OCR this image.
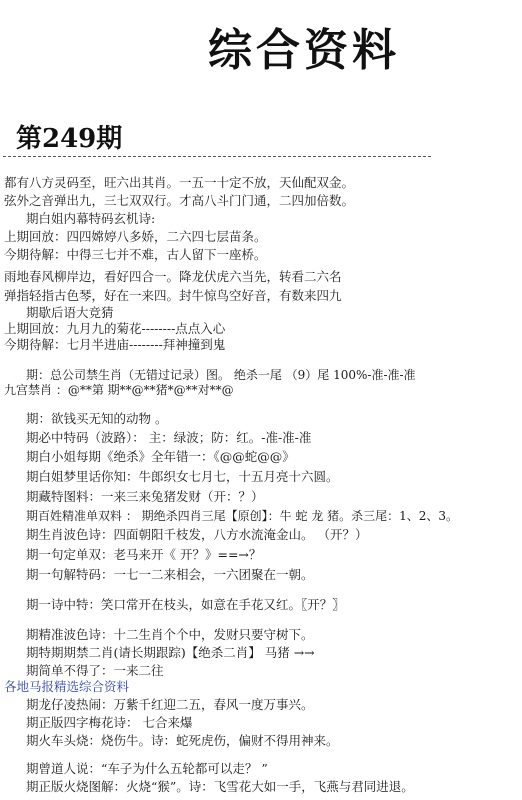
综合资料
第249期
都有八方灵码至，旺六出其肖。一五一十定不放，天仙配双金。
弦外之音弹出九，三七双双行。才高八斗门门通，二四加倍数。
期白姐内幕特码玄机诗:
上期回放：四四嫦婷八多娇，二六四七层苗条。
今期待解：中得三七并不难，古人留下一座桥。
雨地春风柳岸边，看好四合一。降龙伏虎六当先，转看二六名
弹指轻指古色琴，好在一来四。封牛惊鸟空好音，有数来四九
期歇后语大竞猜
上期回放：九月九的菊花--------点点入心
今期待解：七月半进庙--------拜神撞到鬼
期：总公司禁生肖（无错过记录）图。 绝杀一尾 （9）尾 100%-准-准-准
九宫禁肖 ：@**第 期**@**猪*@**对**@
期：欲钱买无知的动物 。
期必中特码（波路）： 主：绿波；防：红。-准-准-准
期白小姐每期《绝杀》全年错一：《@@蛇@@》
期白姐梦里话你知：牛郎织女七月七，十五月亮十六圆。
期藏特图料：一来三来兔猪发财（开：？）
期百姓精准单双料 ： 期绝杀四肖三尾【原创】：牛 蛇 龙 猪。杀三尾：1、2、3。
期生肖波色诗：四面朝阳千枝发，八方水流淹金山。 （开？）
期一句定单双：老马来开《 开？》==→？
期一句解特码：一七一二来相会，一六团聚在一朝。
期一诗中特：笑口常开在枝头，如意在手花又红。〖开？〗
期精准波色诗：十二生肖个个中，发财只要守树下。
期特期期禁二肖(请长期跟踪)【绝杀二肖】 马猪 →→
期简单不得了：一来二往
各地马报精选综合资料
期龙仔凌热闹：万紫千红迎二五，春风一度万事兴。
期正版四字梅花诗： 七合来爆
期火车头烧：烧伤牛。诗：蛇死虎伤，偏财不得用神来。
期曾道人说：“车子为什么五轮都可以走？ ”
期正版火烧图解：火烧“猴”。诗：飞雪花大如一手，飞燕与君同进退。
